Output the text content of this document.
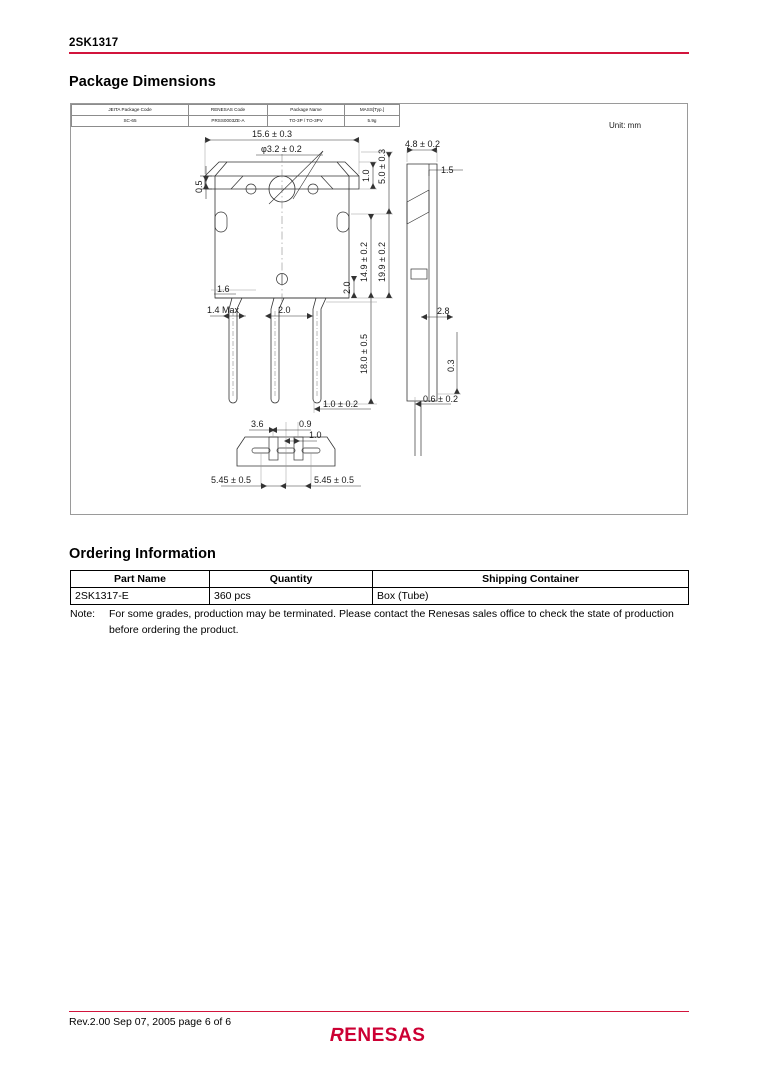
2SK1317
Package Dimensions
JEITA Package Code	RENESAS Code	Package Name	MASS[Typ.]
SC-65	PRSS0003ZE-A	TO-3P / TO-3PV	5.9g
Unit: mm
15.6 ± 0.3
φ3.2 ± 0.2
1.0 5.0 ± 0.3
0.5
14.9 ± 0.2 19.9 ± 0.2
2.0
1.6
1.4 Max	2.0
18.0 ± 0.5
1.0 ± 0.2
4.8 ± 0.2
1.5
0.3
2.8
0.6 ± 0.2
3.6	0.9
1.0
5.45 ± 0.5	5.45 ± 0.5
Ordering Information
Part Name	Quantity	Shipping Container
2SK1317-E	360 pcs	Box (Tube)
Note: For some grades, production may be terminated. Please contact the Renesas sales office to check the state of production before ordering the product.
Rev.2.00 Sep 07, 2005 page 6 of 6
RENESAS
